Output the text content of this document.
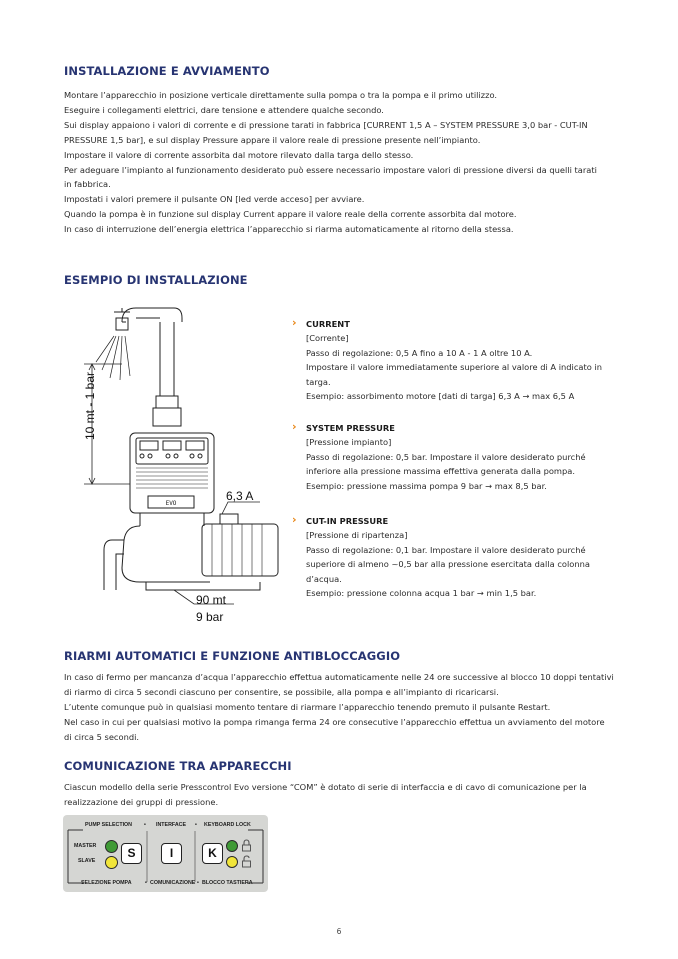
INSTALLAZIONE E AVVIAMENTO
Montare l’apparecchio in posizione verticale direttamente sulla pompa o tra la pompa e il primo utilizzo.
Eseguire i collegamenti elettrici, dare tensione e attendere qualche secondo.
Sui display appaiono i valori di corrente e di pressione tarati in fabbrica [CURRENT 1,5 A – SYSTEM PRESSURE 3,0 bar - CUT-IN
PRESSURE 1,5 bar], e sul display Pressure appare il valore reale di pressione presente nell’impianto.
Impostare il valore di corrente assorbita dal motore rilevato dalla targa dello stesso.
Per adeguare l’impianto al funzionamento desiderato può essere necessario impostare valori di pressione diversi da quelli tarati
in fabbrica.
Impostati i valori premere il pulsante ON [led verde acceso] per avviare.
Quando la pompa è in funzione sul display Current appare il valore reale della corrente assorbita dal motore.
In caso di interruzione dell’energia elettrica l’apparecchio si riarma automaticamente al ritorno della stessa.
ESEMPIO DI INSTALLAZIONE
EVO
10 mt - 1 bar
6,3 A
90 mt
9 bar
› CURRENT
[Corrente]
Passo di regolazione: 0,5 A fino a 10 A - 1 A oltre 10 A.
Impostare il valore immediatamente superiore al valore di A indicato in
targa.
Esempio: assorbimento motore [dati di targa] 6,3 A → max 6,5 A
› SYSTEM PRESSURE
[Pressione impianto]
Passo di regolazione: 0,5 bar. Impostare il valore desiderato purché
inferiore alla pressione massima effettiva generata dalla pompa.
Esempio: pressione massima pompa 9 bar → max 8,5 bar.
› CUT-IN PRESSURE
[Pressione di ripartenza]
Passo di regolazione: 0,1 bar. Impostare il valore desiderato purché
superiore di almeno ~0,5 bar alla pressione esercitata dalla colonna
d’acqua.
Esempio: pressione colonna acqua 1 bar → min 1,5 bar.
RIARMI AUTOMATICI E FUNZIONE ANTIBLOCCAGGIO
In caso di fermo per mancanza d’acqua l’apparecchio effettua automaticamente nelle 24 ore successive al blocco 10 doppi tentativi
di riarmo di circa 5 secondi ciascuno per consentire, se possibile, alla pompa e all’impianto di ricaricarsi.
L’utente comunque può in qualsiasi momento tentare di riarmare l’apparecchio tenendo premuto il pulsante Restart.
Nel caso in cui per qualsiasi motivo la pompa rimanga ferma 24 ore consecutive l’apparecchio effettua un avviamento del motore
di circa 5 secondi.
COMUNICAZIONE TRA APPARECCHI
Ciascun modello della serie Presscontrol Evo versione “COM” è dotato di serie di interfaccia e di cavo di comunicazione per la
realizzazione dei gruppi di pressione.
PUMP SELECTION • INTERFACE • KEYBOARD LOCK
MASTER
SLAVE
S	I	K
SELEZIONE POMPA	• COMUNICAZIONE • BLOCCO TASTIERA
6
